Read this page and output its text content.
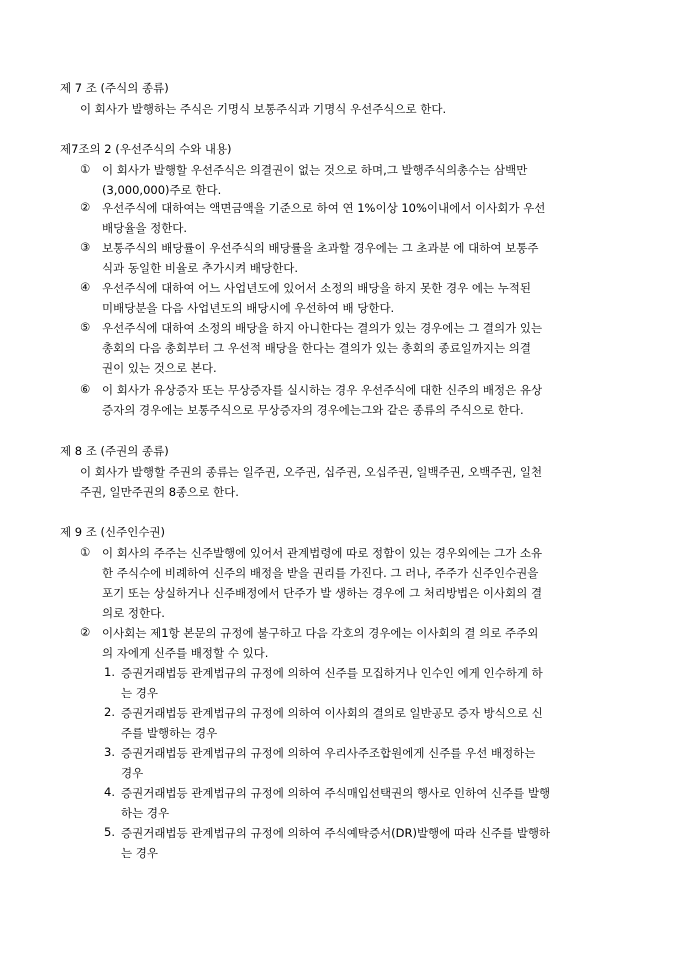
제 7 조 (주식의 종류)
이 회사가 발행하는 주식은 기명식 보통주식과 기명식 우선주식으로 한다.
제7조의 2 (우선주식의 수와 내용)
①	이 회사가 발행할 우선주식은 의결권이 없는 것으로 하며,그 발행주식의총수는 삼백만
(3,000,000)주로 한다.
②	우선주식에 대하여는 액면금액을 기준으로 하여 연 1%이상 10%이내에서 이사회가 우선
배당율을 정한다.
③	보통주식의 배당률이 우선주식의 배당률을 초과할 경우에는 그 초과분 에 대하여 보통주
식과 동일한 비율로 추가시켜 배당한다.
④	우선주식에 대하여 어느 사업년도에 있어서 소정의 배당을 하지 못한 경우 에는 누적된
미배당분을 다음 사업년도의 배당시에 우선하여 배 당한다.
⑤	우선주식에 대하여 소정의 배당을 하지 아니한다는 결의가 있는 경우에는 그 결의가 있는
총회의 다음 총회부터 그 우선적 배당을 한다는 결의가 있는 총회의 종료일까지는 의결
권이 있는 것으로 본다.
⑥	이 회사가 유상증자 또는 무상증자를 실시하는 경우 우선주식에 대한 신주의 배정은 유상
증자의 경우에는 보통주식으로 무상증자의 경우에는그와 같은 종류의 주식으로 한다.
제 8 조 (주권의 종류)
이 회사가 발행할 주권의 종류는 일주권, 오주권, 십주권, 오십주권, 일백주권, 오백주권, 일천
주권, 일만주권의 8종으로 한다.
제 9 조 (신주인수권)
①	이 회사의 주주는 신주발행에 있어서 관계법령에 따로 정함이 있는 경우외에는 그가 소유
한 주식수에 비례하여 신주의 배정을 받을 권리를 가진다. 그 러나, 주주가 신주인수권을
포기 또는 상실하거나 신주배정에서 단주가 발 생하는 경우에 그 처리방법은 이사회의 결
의로 정한다.
②	이사회는 제1항 본문의 규정에 불구하고 다음 각호의 경우에는 이사회의 결 의로 주주외
의 자에게 신주를 배정할 수 있다.
1. 증권거래법등 관계법규의 규정에 의하여 신주를 모집하거나 인수인 에게 인수하게 하
는 경우
2. 증권거래법등 관계법규의 규정에 의하여 이사회의 결의로 일반공모 증자 방식으로 신
주를 발행하는 경우
3. 증권거래법등 관계법규의 규정에 의하여 우리사주조합원에게 신주를 우선 배정하는
경우
4. 증권거래법등 관계법규의 규정에 의하여 주식매입선택권의 행사로 인하여 신주를 발행
하는 경우
5. 증권거래법등 관계법규의 규정에 의하여 주식예탁증서(DR)발행에 따라 신주를 발행하
는 경우
